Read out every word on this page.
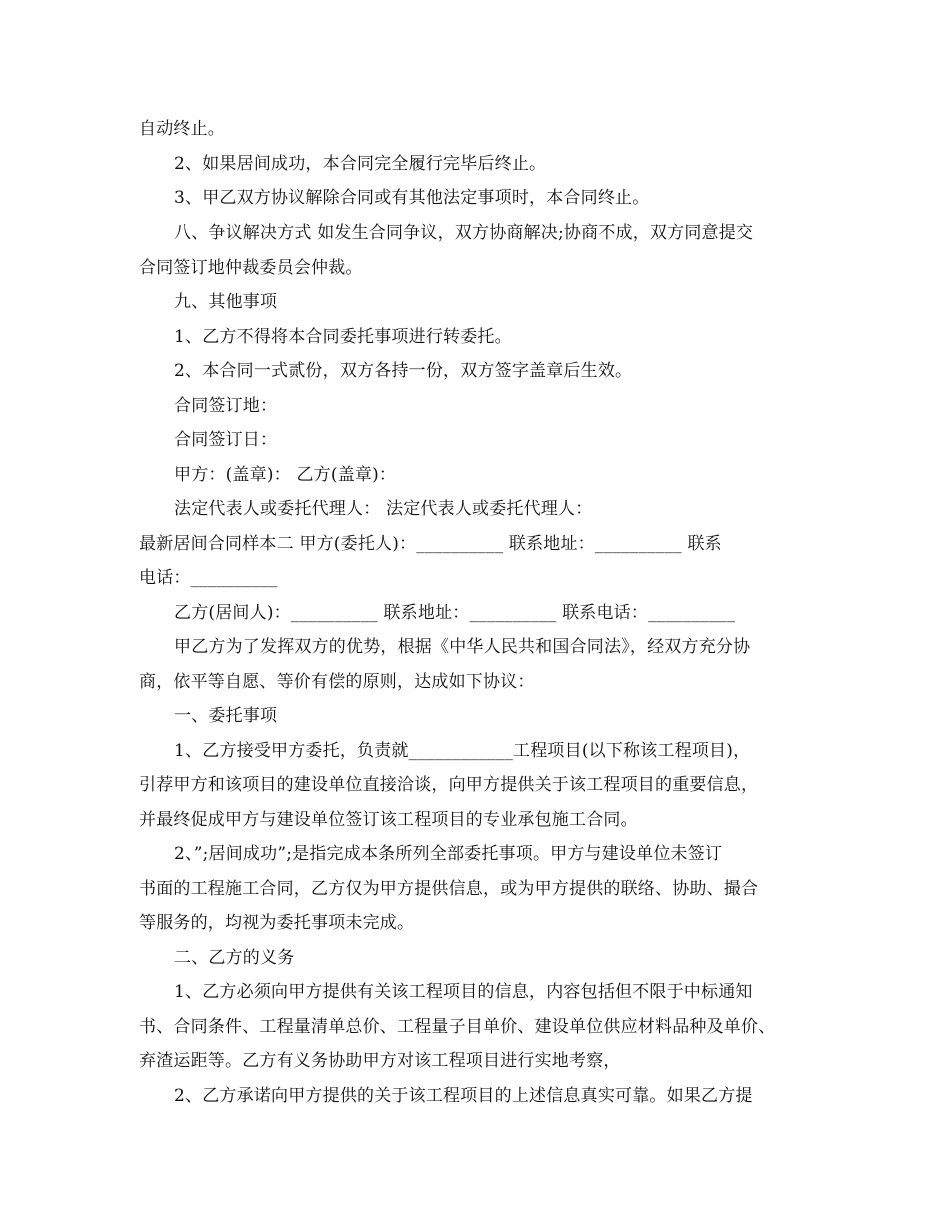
自动终止。
2、如果居间成功，本合同完全履行完毕后终止。
3、甲乙双方协议解除合同或有其他法定事项时，本合同终止。
八、争议解决方式 如发生合同争议，双方协商解决;协商不成，双方同意提交
合同签订地仲裁委员会仲裁。
九、其他事项
1、乙方不得将本合同委托事项进行转委托。
2、本合同一式贰份，双方各持一份，双方签字盖章后生效。
合同签订地：
合同签订日：
甲方：(盖章)： 乙方(盖章)：
法定代表人或委托代理人： 法定代表人或委托代理人：
最新居间合同样本二 甲方(委托人)：__________ 联系地址：__________ 联系
电话：__________
乙方(居间人)：__________ 联系地址：__________ 联系电话：__________
甲乙方为了发挥双方的优势，根据《中华人民共和国合同法》，经双方充分协
商，依平等自愿、等价有偿的原则，达成如下协议：
一、委托事项
1、乙方接受甲方委托，负责就____________工程项目(以下称该工程项目)，
引荐甲方和该项目的建设单位直接洽谈，向甲方提供关于该工程项目的重要信息，
并最终促成甲方与建设单位签订该工程项目的专业承包施工合同。
2、”;居间成功”;是指完成本条所列全部委托事项。甲方与建设单位未签订
书面的工程施工合同，乙方仅为甲方提供信息，或为甲方提供的联络、协助、撮合
等服务的，均视为委托事项未完成。
二、乙方的义务
1、乙方必须向甲方提供有关该工程项目的信息，内容包括但不限于中标通知
书、合同条件、工程量清单总价、工程量子目单价、建设单位供应材料品种及单价、
弃渣运距等。乙方有义务协助甲方对该工程项目进行实地考察，
2、乙方承诺向甲方提供的关于该工程项目的上述信息真实可靠。如果乙方提
